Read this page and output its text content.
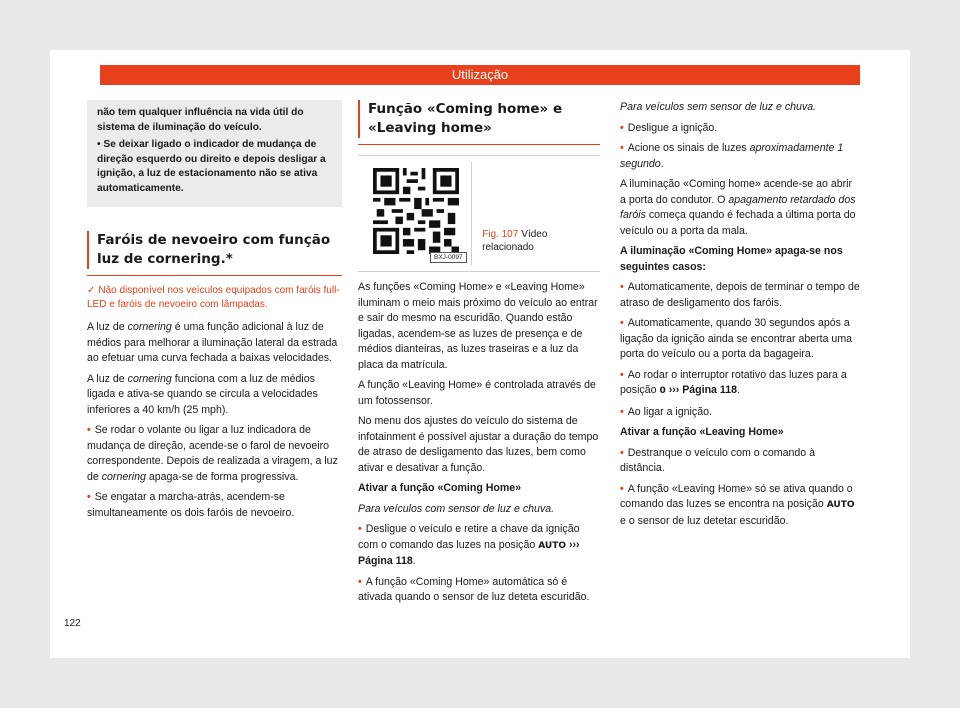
Utilização

não tem qualquer influência na vida útil do sistema de iluminação do veículo.

• Se deixar ligado o indicador de mudança de direção esquerdo ou direito e depois desligar a ignição, a luz de estacionamento não se ativa automaticamente.

Faróis de nevoeiro com função luz de cornering.*

✓ Não disponível nos veículos equipados com faróis full-LED e faróis de nevoeiro com lâmpadas.

A luz de cornering é uma função adicional à luz de médios para melhorar a iluminação lateral da estrada ao efetuar uma curva fechada a baixas velocidades.

A luz de cornering funciona com a luz de médios ligada e ativa-se quando se circula a velocidades inferiores a 40 km/h (25 mph).

• Se rodar o volante ou ligar a luz indicadora de mudança de direção, acende-se o farol de nevoeiro correspondente. Depois de realizada a viragem, a luz de cornering apaga-se de forma progressiva.

• Se engatar a marcha-atrás, acendem-se simultaneamente os dois faróis de nevoeiro.

Função «Coming home» e «Leaving home»
BXJ-0097
Fig. 107 Vídeo relacionado

As funções «Coming Home» e «Leaving Home» iluminam o meio mais próximo do veículo ao entrar e sair do mesmo na escuridão. Quando estão ligadas, acendem-se as luzes de presença e de médios dianteiras, as luzes traseiras e a luz da placa da matrícula.

A função «Leaving Home» é controlada através de um fotossensor.

No menu dos ajustes do veículo do sistema de infotainment é possível ajustar a duração do tempo de atraso de desligamento das luzes, bem como ativar e desativar a função.

Ativar a função «Coming Home»

Para veículos com sensor de luz e chuva.

• Desligue o veículo e retire a chave da ignição com o comando das luzes na posição AUTO ››› Página 118.

• A função «Coming Home» automática só é ativada quando o sensor de luz deteta escuridão.

Para veículos sem sensor de luz e chuva.

• Desligue a ignição.

• Acione os sinais de luzes aproximadamente 1 segundo.

A iluminação «Coming home» acende-se ao abrir a porta do condutor. O apagamento retardado dos faróis começa quando é fechada a última porta do veículo ou a porta da mala.

A iluminação «Coming Home» apaga-se nos seguintes casos:

• Automaticamente, depois de terminar o tempo de atraso de desligamento dos faróis.

• Automaticamente, quando 30 segundos após a ligação da ignição ainda se encontrar aberta uma porta do veículo ou a porta da bagageira.

• Ao rodar o interruptor rotativo das luzes para a posição 0 ››› Página 118.

• Ao ligar a ignição.

Ativar a função «Leaving Home»

• Destranque o veículo com o comando à distância.

• A função «Leaving Home» só se ativa quando o comando das luzes se encontra na posição AUTO e o sensor de luz detetar escuridão.

122
